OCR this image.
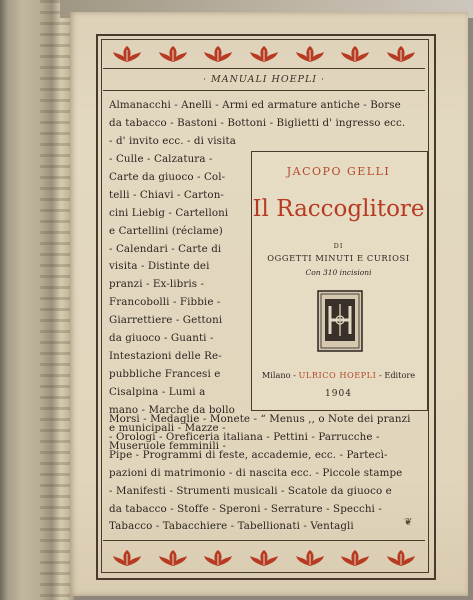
· MANUALI HOEPLI ·
Almanacchi - Anelli - Armi ed armature antiche - Borse
da tabacco - Bastoni - Bottoni - Biglietti d' ingresso ecc.
- d' invito ecc. - di visita
- Culle - Calzatura -
Carte da giuoco - Col-
telli - Chiavi - Carton-
cini Liebig - Cartelloni
e Cartellini (réclame)
- Calendari - Carte di
visita - Distinte dei
pranzi - Ex-libris -
Francobolli - Fibbie -
Giarrettiere - Gettoni
da giuoco - Guanti -
Intestazioni delle Re-
pubbliche Francesi e
Cisalpina - Lumi a
mano - Marche da bollo
e municipali - Mazze -
Museruole femminili -
Morsi - Medaglie - Monete - “ Menus ,, o Note dei pranzi
- Orologi - Oreficeria italiana - Pettini - Parrucche -
Pipe - Programmi di feste, accademie, ecc. - Partecì-
pazioni di matrimonio - di nascita ecc. - Piccole stampe
- Manifesti - Strumenti musicali - Scatole da giuoco e
da tabacco - Stoffe - Speroni - Serrature - Specchi -
Tabacco - Tabacchiere - Tabellionati - Ventagli
JACOPO GELLI
Il Raccoglitore
DI
OGGETTI MINUTI E CURIOSI
Con 310 incisioni
Milano - ULRICO HOEPLI - Editore
1904
❦
